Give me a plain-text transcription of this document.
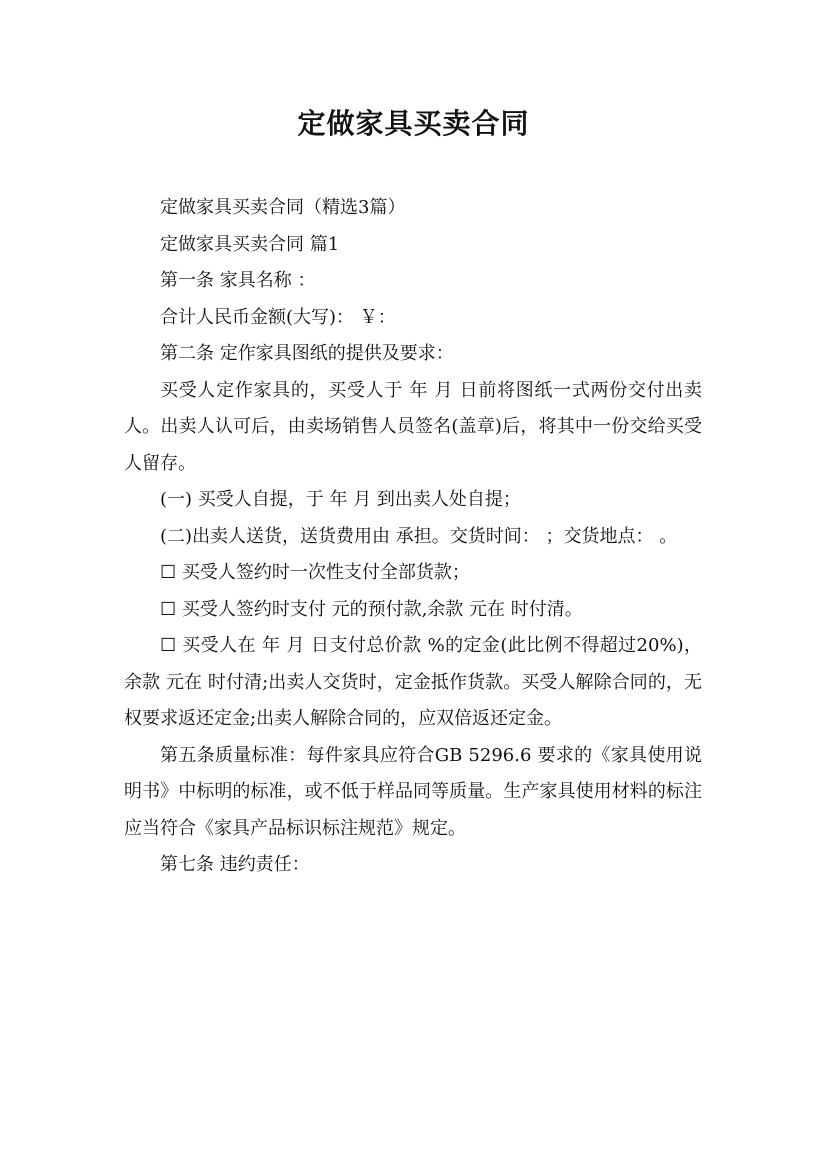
定做家具买卖合同

定做家具买卖合同（精选3篇）

定做家具买卖合同 篇1

第一条 家具名称 ：

合计人民币金额(大写)： ￥：

第二条 定作家具图纸的提供及要求：

买受人定作家具的，买受人于 年 月 日前将图纸一式两份交付出卖人。出卖人认可后，由卖场销售人员签名(盖章)后，将其中一份交给买受人留存。

(一) 买受人自提，于 年 月 到出卖人处自提；

(二)出卖人送货，送货费用由 承担。交货时间： ；交货地点： 。

☐ 买受人签约时一次性支付全部货款；

☐ 买受人签约时支付 元的预付款,余款 元在 时付清。

☐ 买受人在 年 月 日支付总价款 %的定金(此比例不得超过20%)，余款 元在 时付清;出卖人交货时，定金抵作货款。买受人解除合同的，无权要求返还定金;出卖人解除合同的，应双倍返还定金。

第五条质量标准：每件家具应符合GB 5296.6 要求的《家具使用说明书》中标明的标准，或不低于样品同等质量。生产家具使用材料的标注应当符合《家具产品标识标注规范》规定。

第七条 违约责任：
